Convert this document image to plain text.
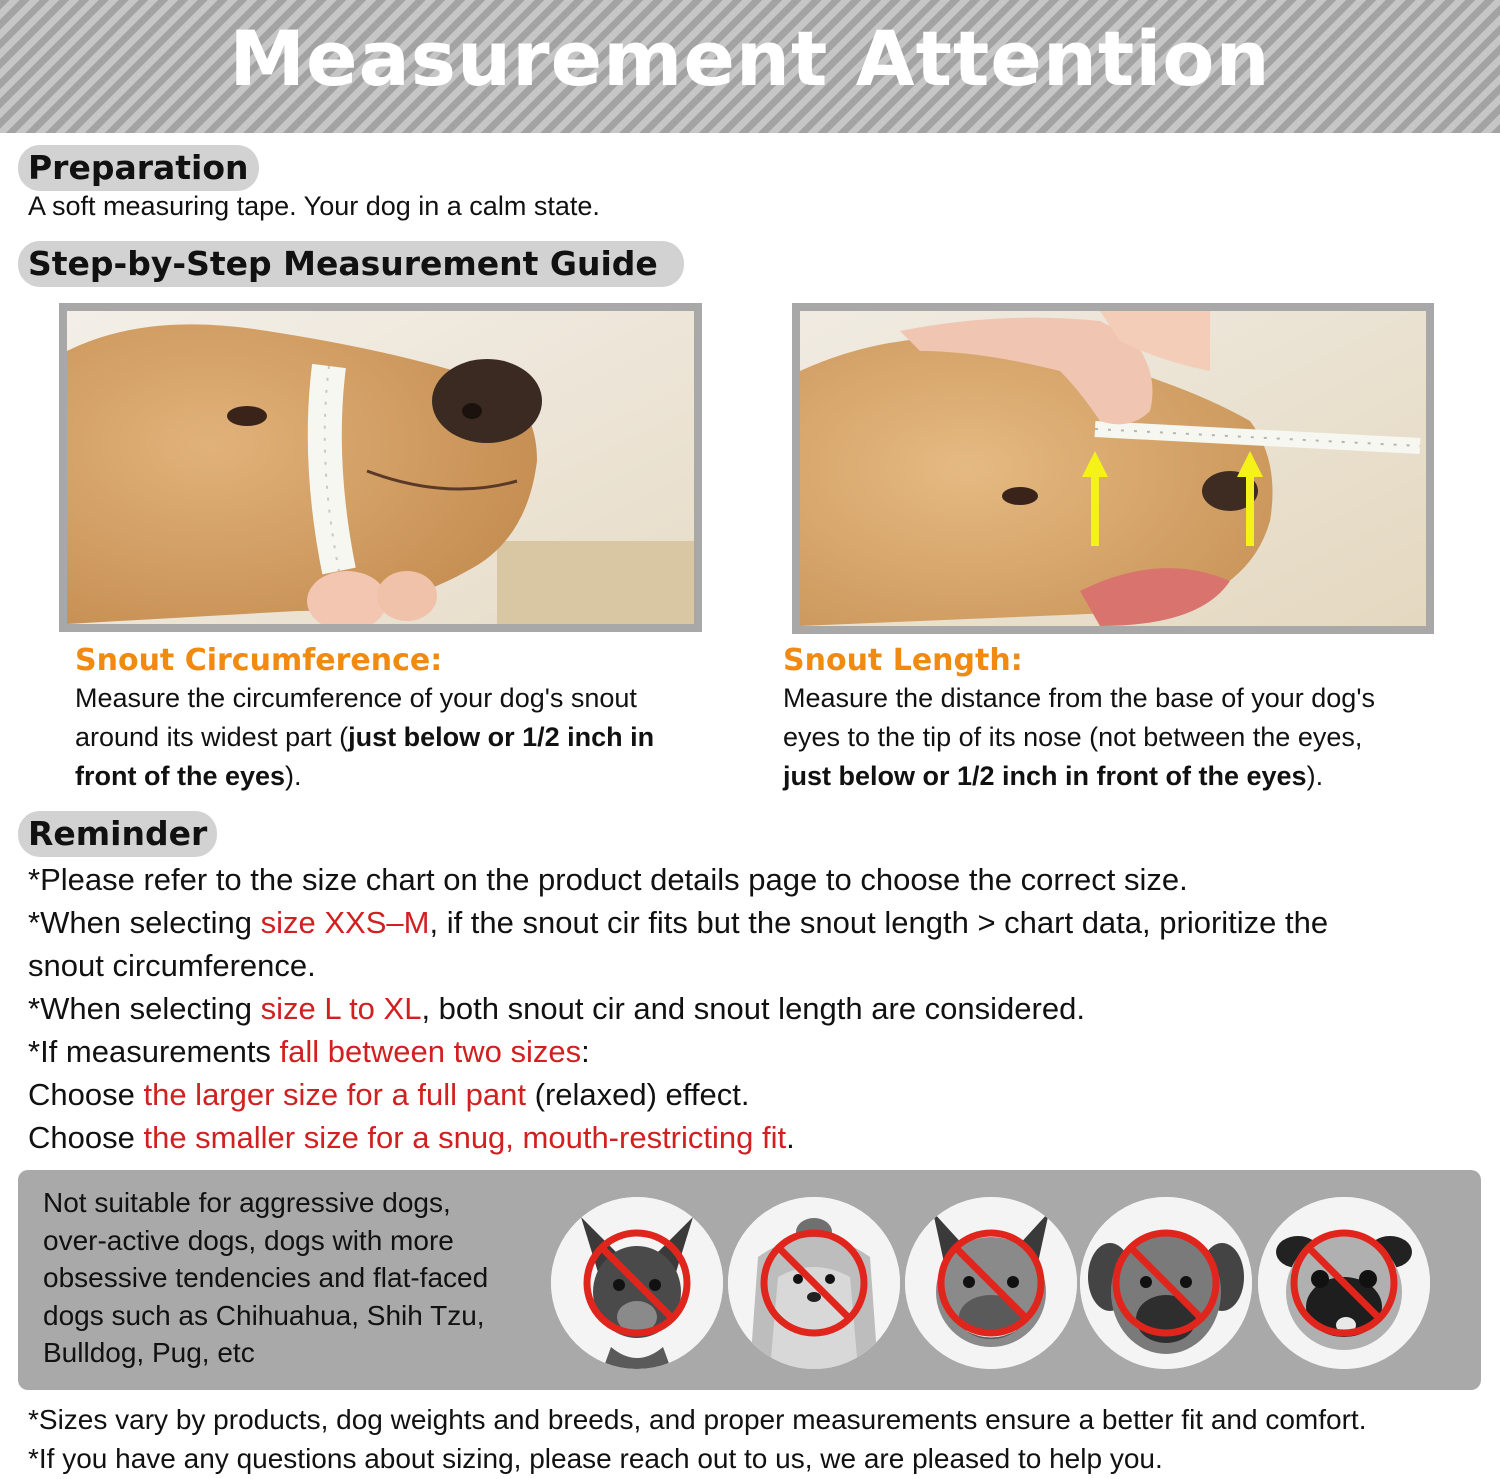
Measurement Attention
Preparation
A soft measuring tape. Your dog in a calm state.
Step-by-Step Measurement Guide
Snout Circumference:
Measure the circumference of your dog's snout
around its widest part (just below or 1/2 inch in
front of the eyes).
Snout Length:
Measure the distance from the base of your dog's
eyes to the tip of its nose (not between the eyes,
just below or 1/2 inch in front of the eyes).
Reminder
*Please refer to the size chart on the product details page to choose the correct size.
*When selecting size XXS–M, if the snout cir fits but the snout length > chart data, prioritize the
snout circumference.
*When selecting size L to XL, both snout cir and snout length are considered.
*If measurements fall between two sizes:
Choose the larger size for a full pant (relaxed) effect.
Choose the smaller size for a snug, mouth-restricting fit.
Not suitable for aggressive dogs,
over-active dogs, dogs with more
obsessive tendencies and flat-faced
dogs such as Chihuahua, Shih Tzu,
Bulldog, Pug, etc
*Sizes vary by products, dog weights and breeds, and proper measurements ensure a better fit and comfort.
*If you have any questions about sizing, please reach out to us, we are pleased to help you.
